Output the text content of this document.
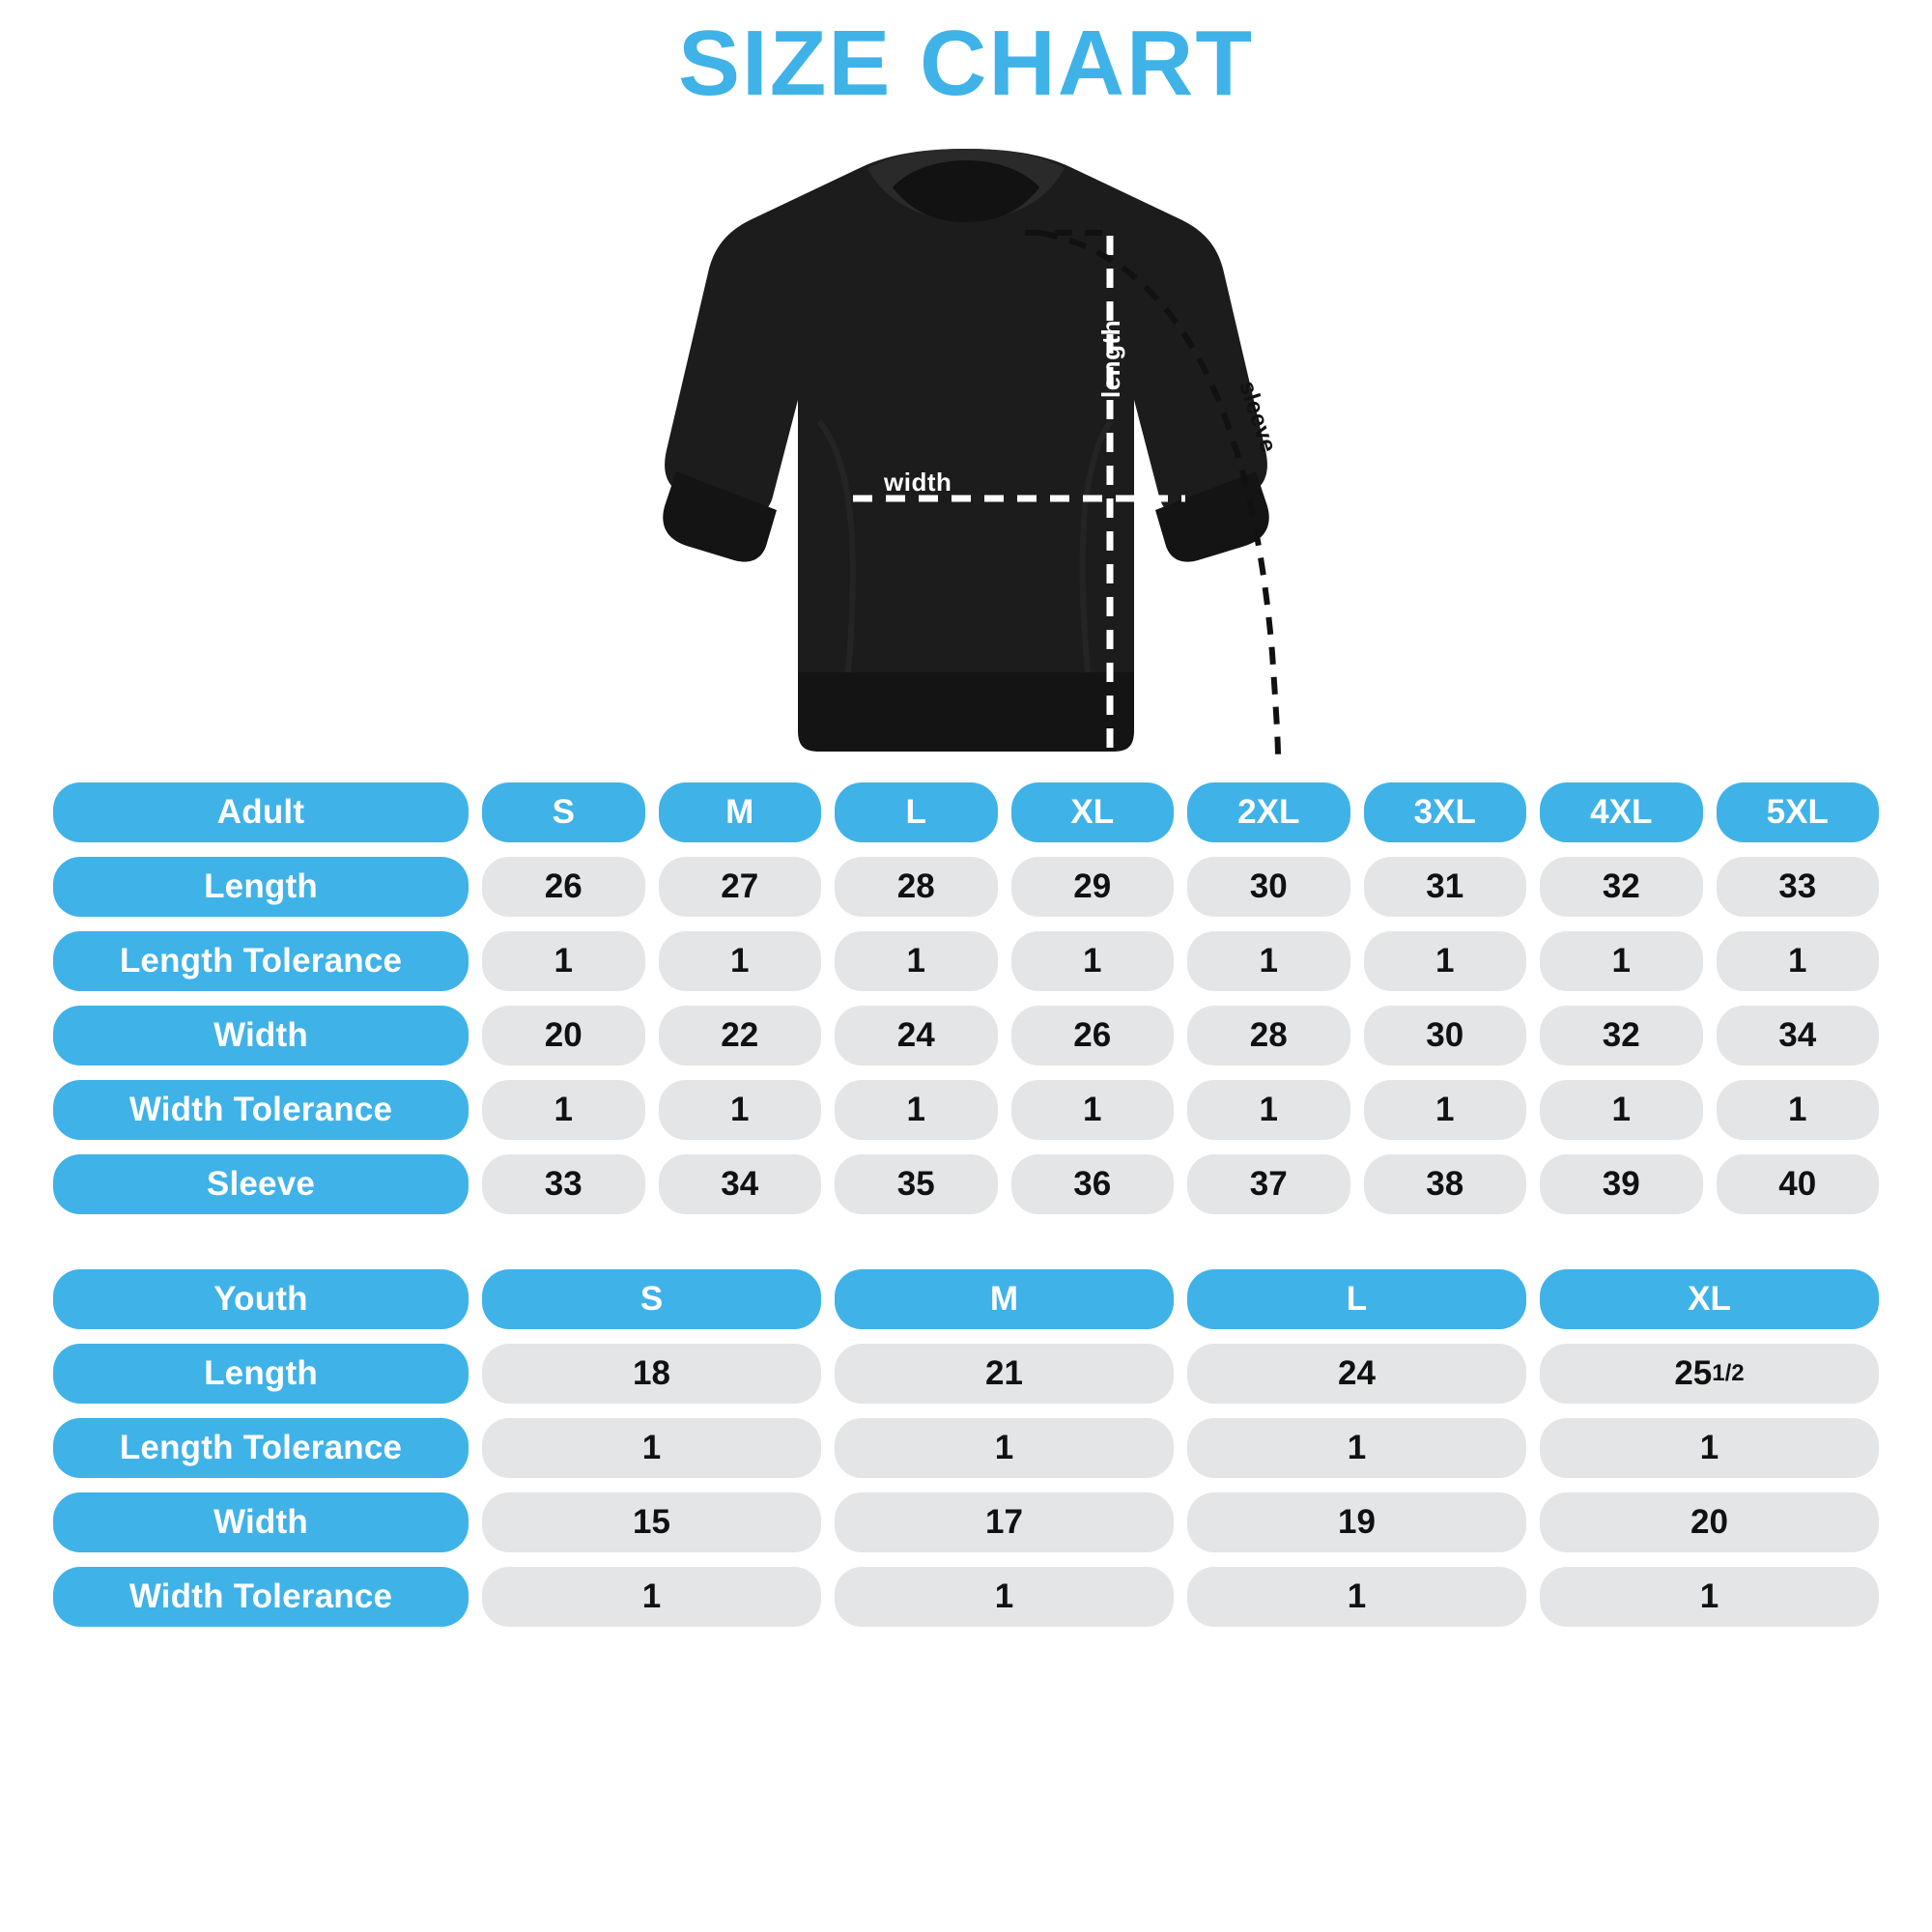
SIZE CHART
width
length
sleeve
Adult	S	M	L	XL	2XL	3XL	4XL	5XL
Length	26	27	28	29	30	31	32	33
Length Tolerance	1	1	1	1	1	1	1	1
Width	20	22	24	26	28	30	32	34
Width Tolerance	1	1	1	1	1	1	1	1
Sleeve	33	34	35	36	37	38	39	40
Youth	S	M	L	XL
Length	18	21	24	25 1/2
Length Tolerance	1	1	1	1
Width	15	17	19	20
Width Tolerance	1	1	1	1
